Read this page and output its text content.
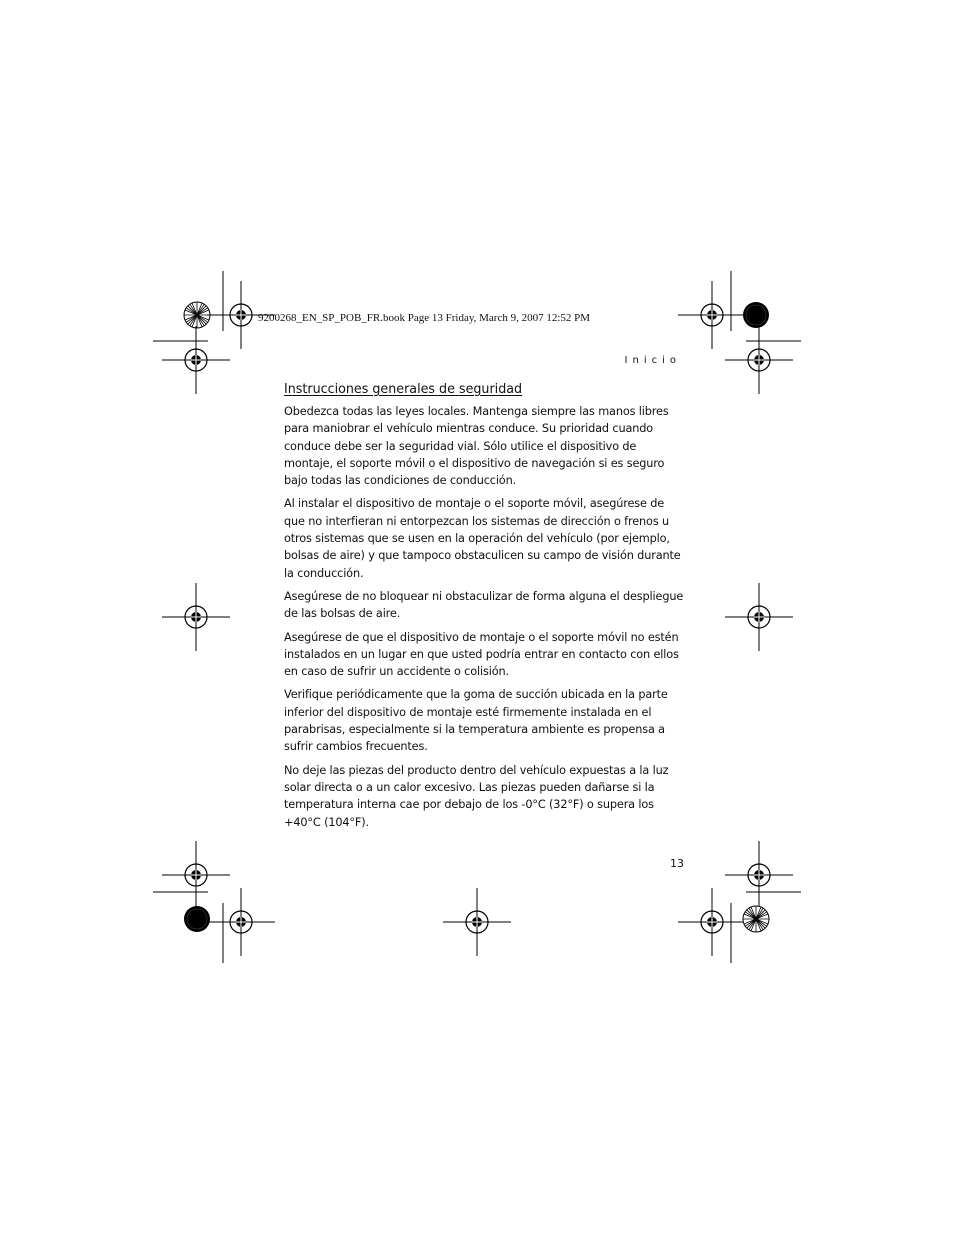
9200268_EN_SP_POB_FR.book Page 13 Friday, March 9, 2007 12:52 PM
Inicio
Instrucciones generales de seguridad

Obedezca todas las leyes locales. Mantenga siempre las manos libres para maniobrar el vehículo mientras conduce. Su prioridad cuando conduce debe ser la seguridad vial. Sólo utilice el dispositivo de montaje, el soporte móvil o el dispositivo de navegación si es seguro bajo todas las condiciones de conducción.

Al instalar el dispositivo de montaje o el soporte móvil, asegúrese de que no interfieran ni entorpezcan los sistemas de dirección o frenos u otros sistemas que se usen en la operación del vehículo (por ejemplo, bolsas de aire) y que tampoco obstaculicen su campo de visión durante la conducción.

Asegúrese de no bloquear ni obstaculizar de forma alguna el despliegue de las bolsas de aire.

Asegúrese de que el dispositivo de montaje o el soporte móvil no estén instalados en un lugar en que usted podría entrar en contacto con ellos en caso de sufrir un accidente o colisión.

Verifique periódicamente que la goma de succión ubicada en la parte inferior del dispositivo de montaje esté firmemente instalada en el parabrisas, especialmente si la temperatura ambiente es propensa a sufrir cambios frecuentes.

No deje las piezas del producto dentro del vehículo expuestas a la luz solar directa o a un calor excesivo. Las piezas pueden dañarse si la temperatura interna cae por debajo de los -0°C (32°F) o supera los +40°C (104°F).

13
